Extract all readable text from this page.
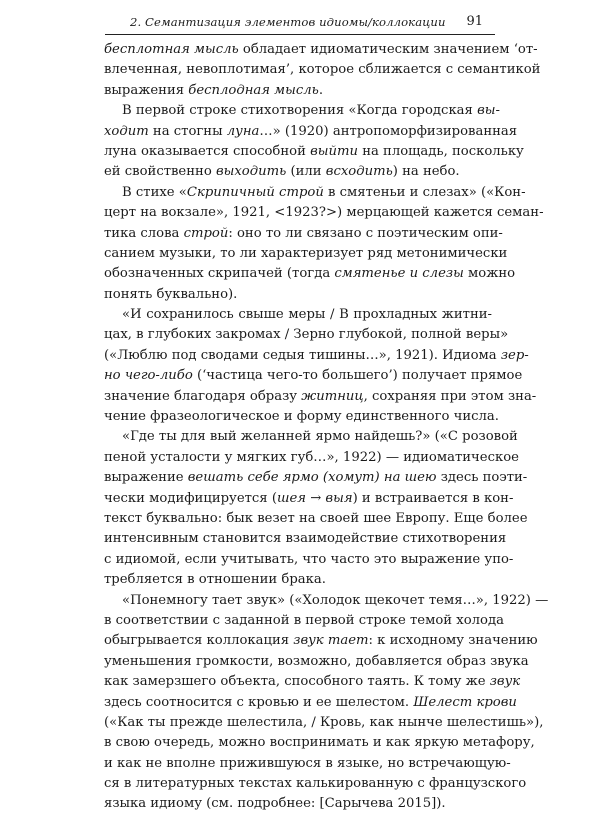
2. Семантизация элементов идиомы/коллокации 91
бесплотная мысль обладает идиоматическим значением ‘от-
влеченная, невоплотимая’, которое сближается с семантикой
выражения бесплодная мысль.
В первой строке стихотворения «Когда городская вы-
ходит на стогны луна…» (1920) антропоморфизированная
луна оказывается способной выйти на площадь, поскольку
ей свойственно выходить (или всходить) на небо.
В стихе «Скрипичный строй в смятеньи и слезах» («Кон-
церт на вокзале», 1921, <1923?>) мерцающей кажется семан-
тика слова строй: оно то ли связано с поэтическим опи-
санием музыки, то ли характеризует ряд метонимически
обозначенных скрипачей (тогда смятенье и слезы можно
понять буквально).
«И сохранилось свыше меры / В прохладных житни-
цах, в глубоких закромах / Зерно глубокой, полной веры»
(«Люблю под сводами седыя тишины…», 1921). Идиома зер-
но чего-либо (‘частица чего-то большего’) получает прямое
значение благодаря образу житниц, сохраняя при этом зна-
чение фразеологическое и форму единственного числа.
«Где ты для вый желанней ярмо найдешь?» («С розовой
пеной усталости у мягких губ…», 1922) — идиоматическое
выражение вешать себе ярмо (хомут) на шею здесь поэти-
чески модифицируется (шея → выя) и встраивается в кон-
текст буквально: бык везет на своей шее Европу. Еще более
интенсивным становится взаимодействие стихотворения
с идиомой, если учитывать, что часто это выражение упо-
требляется в отношении брака.
«Понемногу тает звук» («Холодок щекочет темя…», 1922) —
в соответствии с заданной в первой строке темой холода
обыгрывается коллокация звук тает: к исходному значению
уменьшения громкости, возможно, добавляется образ звука
как замерзшего объекта, способного таять. К тому же звук
здесь соотносится с кровью и ее шелестом. Шелест крови
(«Как ты прежде шелестила, / Кровь, как нынче шелестишь»),
в свою очередь, можно воспринимать и как яркую метафору,
и как не вполне прижившуюся в языке, но встречающую-
ся в литературных текстах калькированную с французского
языка идиому (см. подробнее: [Сарычева 2015]).
